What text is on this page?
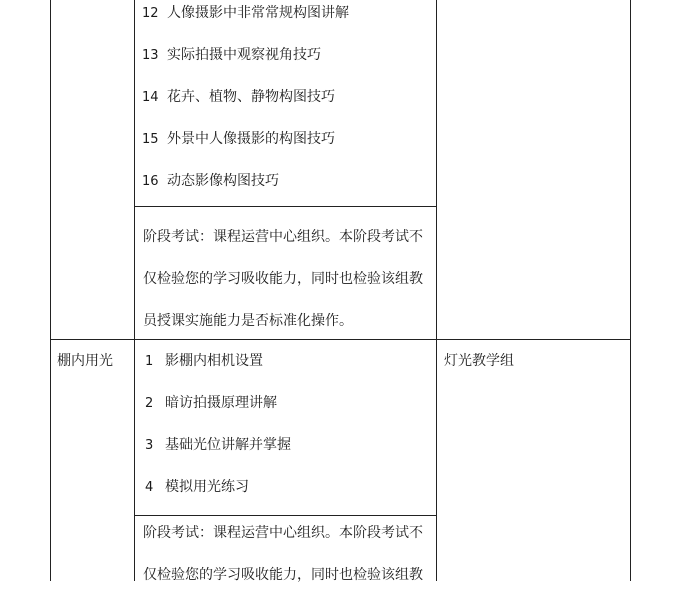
12 人像摄影中非常常规构图讲解
13 实际拍摄中观察视角技巧
14 花卉、植物、静物构图技巧
15 外景中人像摄影的构图技巧
16 动态影像构图技巧
阶段考试：课程运营中心组织。本阶段考试不
仅检验您的学习吸收能力，同时也检验该组教
员授课实施能力是否标准化操作。
棚内用光	灯光教学组
1 影棚内相机设置
2 暗访拍摄原理讲解
3 基础光位讲解并掌握
4 模拟用光练习
阶段考试：课程运营中心组织。本阶段考试不
仅检验您的学习吸收能力，同时也检验该组教
